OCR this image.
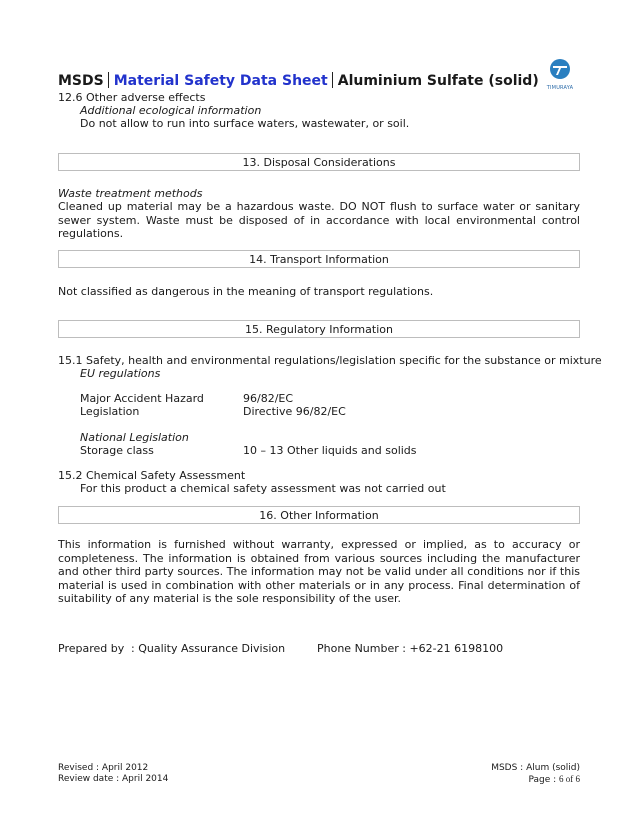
MSDS Material Safety Data Sheet Aluminium Sulfate (solid)	TIMURAYA
12.6 Other adverse effects
Additional ecological information
Do not allow to run into surface waters, wastewater, or soil.
13. Disposal Considerations
Waste treatment methods
Cleaned up material may be a hazardous waste. DO NOT flush to surface water or sanitary sewer system. Waste must be disposed of in accordance with local environmental control regulations.
14. Transport Information
Not classified as dangerous in the meaning of transport regulations.
15. Regulatory Information
15.1 Safety, health and environmental regulations/legislation specific for the substance or mixture
EU regulations
Major Accident Hazard	96/82/EC
Legislation	Directive 96/82/EC
National Legislation
Storage class	10 – 13 Other liquids and solids
15.2 Chemical Safety Assessment
For this product a chemical safety assessment was not carried out
16. Other Information
This information is furnished without warranty, expressed or implied, as to accuracy or completeness. The information is obtained from various sources including the manufacturer and other third party sources. The information may not be valid under all conditions nor if this material is used in combination with other materials or in any process. Final determination of suitability of any material is the sole responsibility of the user.
Prepared by : Quality Assurance Division	Phone Number : +62-21 6198100
Revised : April 2012
Review date : April 2014
MSDS : Alum (solid)
Page : 6 of 6
